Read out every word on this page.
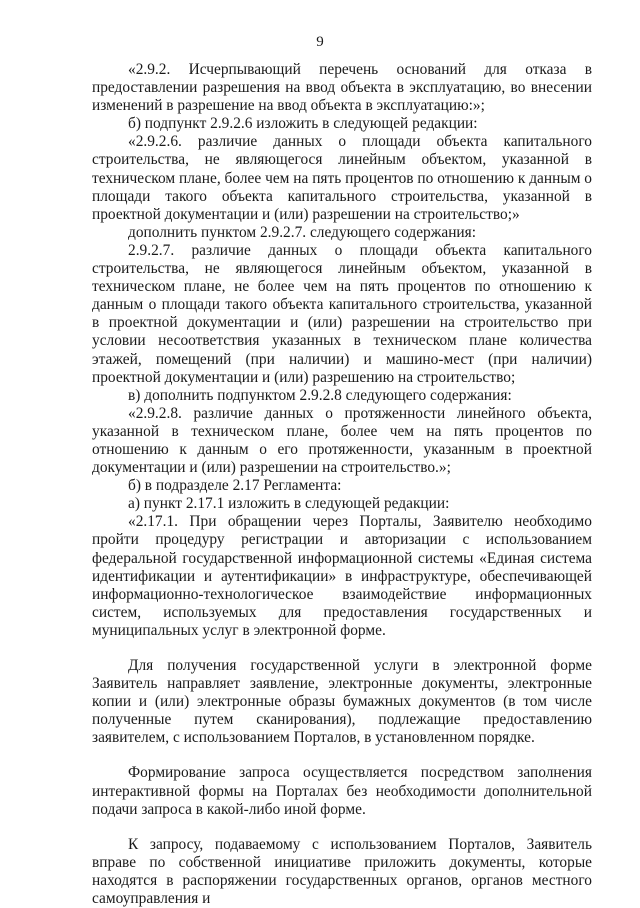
9

«2.9.2. Исчерпывающий перечень оснований для отказа в предоставлении разрешения на ввод объекта в эксплуатацию, во внесении изменений в разрешение на ввод объекта в эксплуатацию:»;

б) подпункт 2.9.2.6 изложить в следующей редакции:

«2.9.2.6. различие данных о площади объекта капитального строительства, не являющегося линейным объектом, указанной в техническом плане, более чем на пять процентов по отношению к данным о площади такого объекта капитального строительства, указанной в проектной документации и (или) разрешении на строительство;»

дополнить пунктом 2.9.2.7. следующего содержания:

2.9.2.7. различие данных о площади объекта капитального строительства, не являющегося линейным объектом, указанной в техническом плане, не более чем на пять процентов по отношению к данным о площади такого объекта капитального строительства, указанной в проектной документации и (или) разрешении на строительство при условии несоответствия указанных в техническом плане количества этажей, помещений (при наличии) и машино-мест (при наличии) проектной документации и (или) разрешению на строительство;

в) дополнить подпунктом 2.9.2.8 следующего содержания:

«2.9.2.8. различие данных о протяженности линейного объекта, указанной в техническом плане, более чем на пять процентов по отношению к данным о его протяженности, указанным в проектной документации и (или) разрешении на строительство.»;

б) в подразделе 2.17 Регламента:

а) пункт 2.17.1 изложить в следующей редакции:

«2.17.1. При обращении через Порталы, Заявителю необходимо пройти процедуру регистрации и авторизации с использованием федеральной государственной информационной системы «Единая система идентификации и аутентификации» в инфраструктуре, обеспечивающей информационно-технологическое взаимодействие информационных систем, используемых для предоставления государственных и муниципальных услуг в электронной форме.

Для получения государственной услуги в электронной форме Заявитель направляет заявление, электронные документы, электронные копии и (или) электронные образы бумажных документов (в том числе полученные путем сканирования), подлежащие предоставлению заявителем, с использованием Порталов, в установленном порядке.

Формирование запроса осуществляется посредством заполнения интерактивной формы на Порталах без необходимости дополнительной подачи запроса в какой-либо иной форме.

К запросу, подаваемому с использованием Порталов, Заявитель вправе по собственной инициативе приложить документы, которые находятся в распоряжении государственных органов, органов местного самоуправления и
